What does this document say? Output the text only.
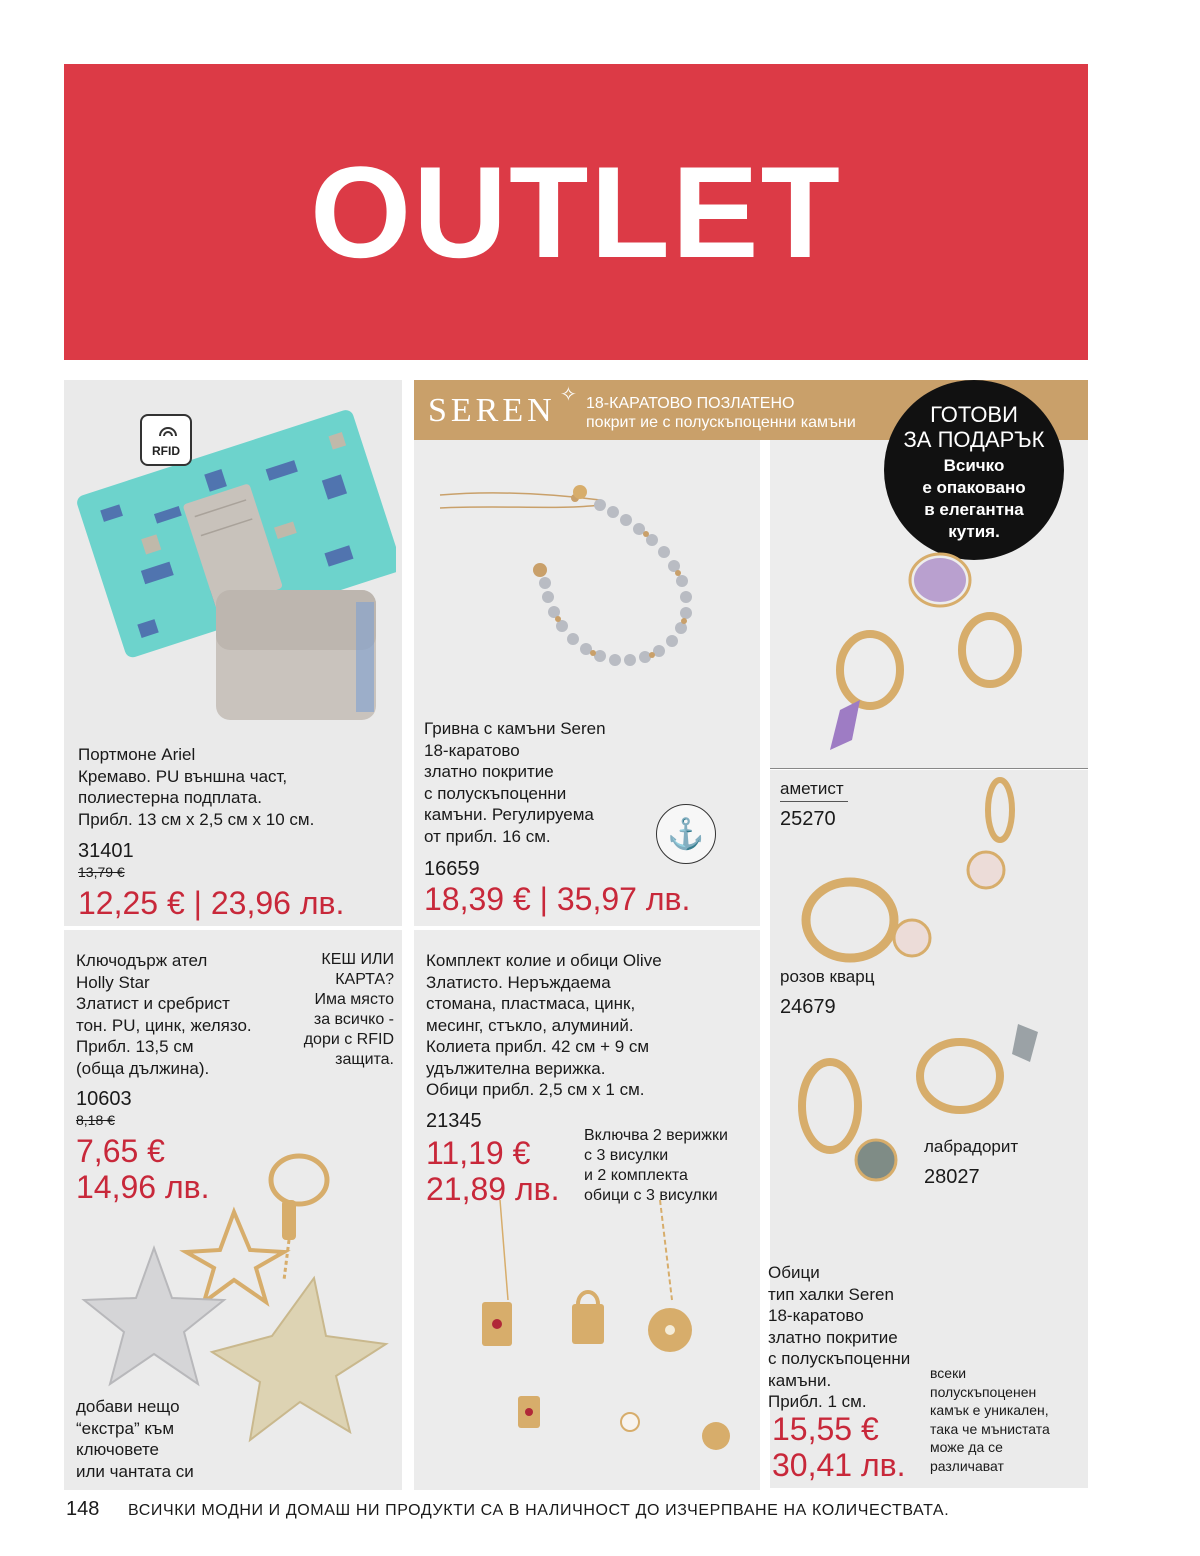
OUTLET
SEREN ✧ 18-КАРАТОВО ПОЗЛАТЕНО
покрит ие с полускъпоценни камъни	ГОТОВИ
ЗА ПОДАРЪК
Всичко
е опаковано
в елегантна
кутия.
RFID
Портмоне Ariel
Кремаво. PU външна част,
полиестерна подплата.
Прибл. 13 см х 2,5 см х 10 см.
31401
13,79 €
12,25 € | 23,96 лв.
Гривна с камъни Seren
18-каратово
златно покритие
с полускъпоценни
камъни. Регулируема
от прибл. 16 см.	⚓
16659
18,39 € | 35,97 лв.
аметист
25270
розов кварц
24679
лабрадорит
28027
Обици
тип халки Seren
18-каратово
златно покритие
с полускъпоценни
камъни.
Прибл. 1 см.
15,55 €
30,41 лв.
всеки
полускъпоценен
камък е уникален,
така че мънистата
може да се
различават
Ключодърж ател
Holly Star
Златист и сребрист
тон. PU, цинк, желязо.
Прибл. 13,5 см
(обща дължина).
КЕШ ИЛИ
КАРТА?
Има място
за всичко -
дори с RFID
защита.
10603
8,18 €
7,65 €
14,96 лв.
добави нещо
“екстра” към
ключовете
или чантата си
Комплект колие и обици Olive
Златисто. Неръждаема
стомана, пластмаса, цинк,
месинг, стъкло, алуминий.
Колиета прибл. 42 см + 9 см
удължителна верижка.
Обици прибл. 2,5 см х 1 см.
21345
11,19 €
21,89 лв.
Включва 2 верижки
с 3 висулки
и 2 комплекта
обици с 3 висулки
148 ВСИЧКИ МОДНИ И ДОМАШ НИ ПРОДУКТИ СА В НАЛИЧНОСТ ДО ИЗЧЕРПВАНЕ НА КОЛИЧЕСТВАТА.
